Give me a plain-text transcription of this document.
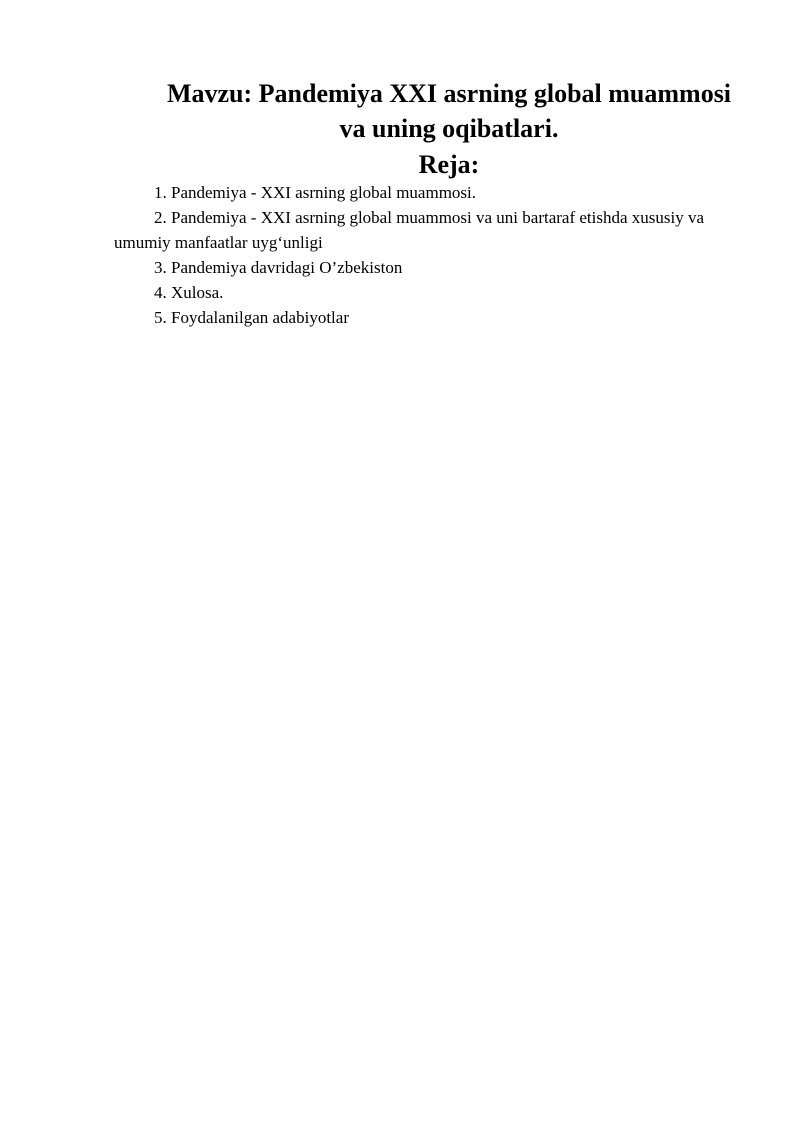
Mavzu: Pandemiya XXI asrning global muammosi
va uning oqibatlari.
Reja:
1. Pandemiya - XXI asrning global muammosi.
2. Pandemiya - XXI asrning global muammosi va uni bartaraf etishda xususiy va umumiy manfaatlar uyg‘unligi
3. Pandemiya davridagi O’zbekiston
4. Xulosa.
5. Foydalanilgan adabiyotlar
